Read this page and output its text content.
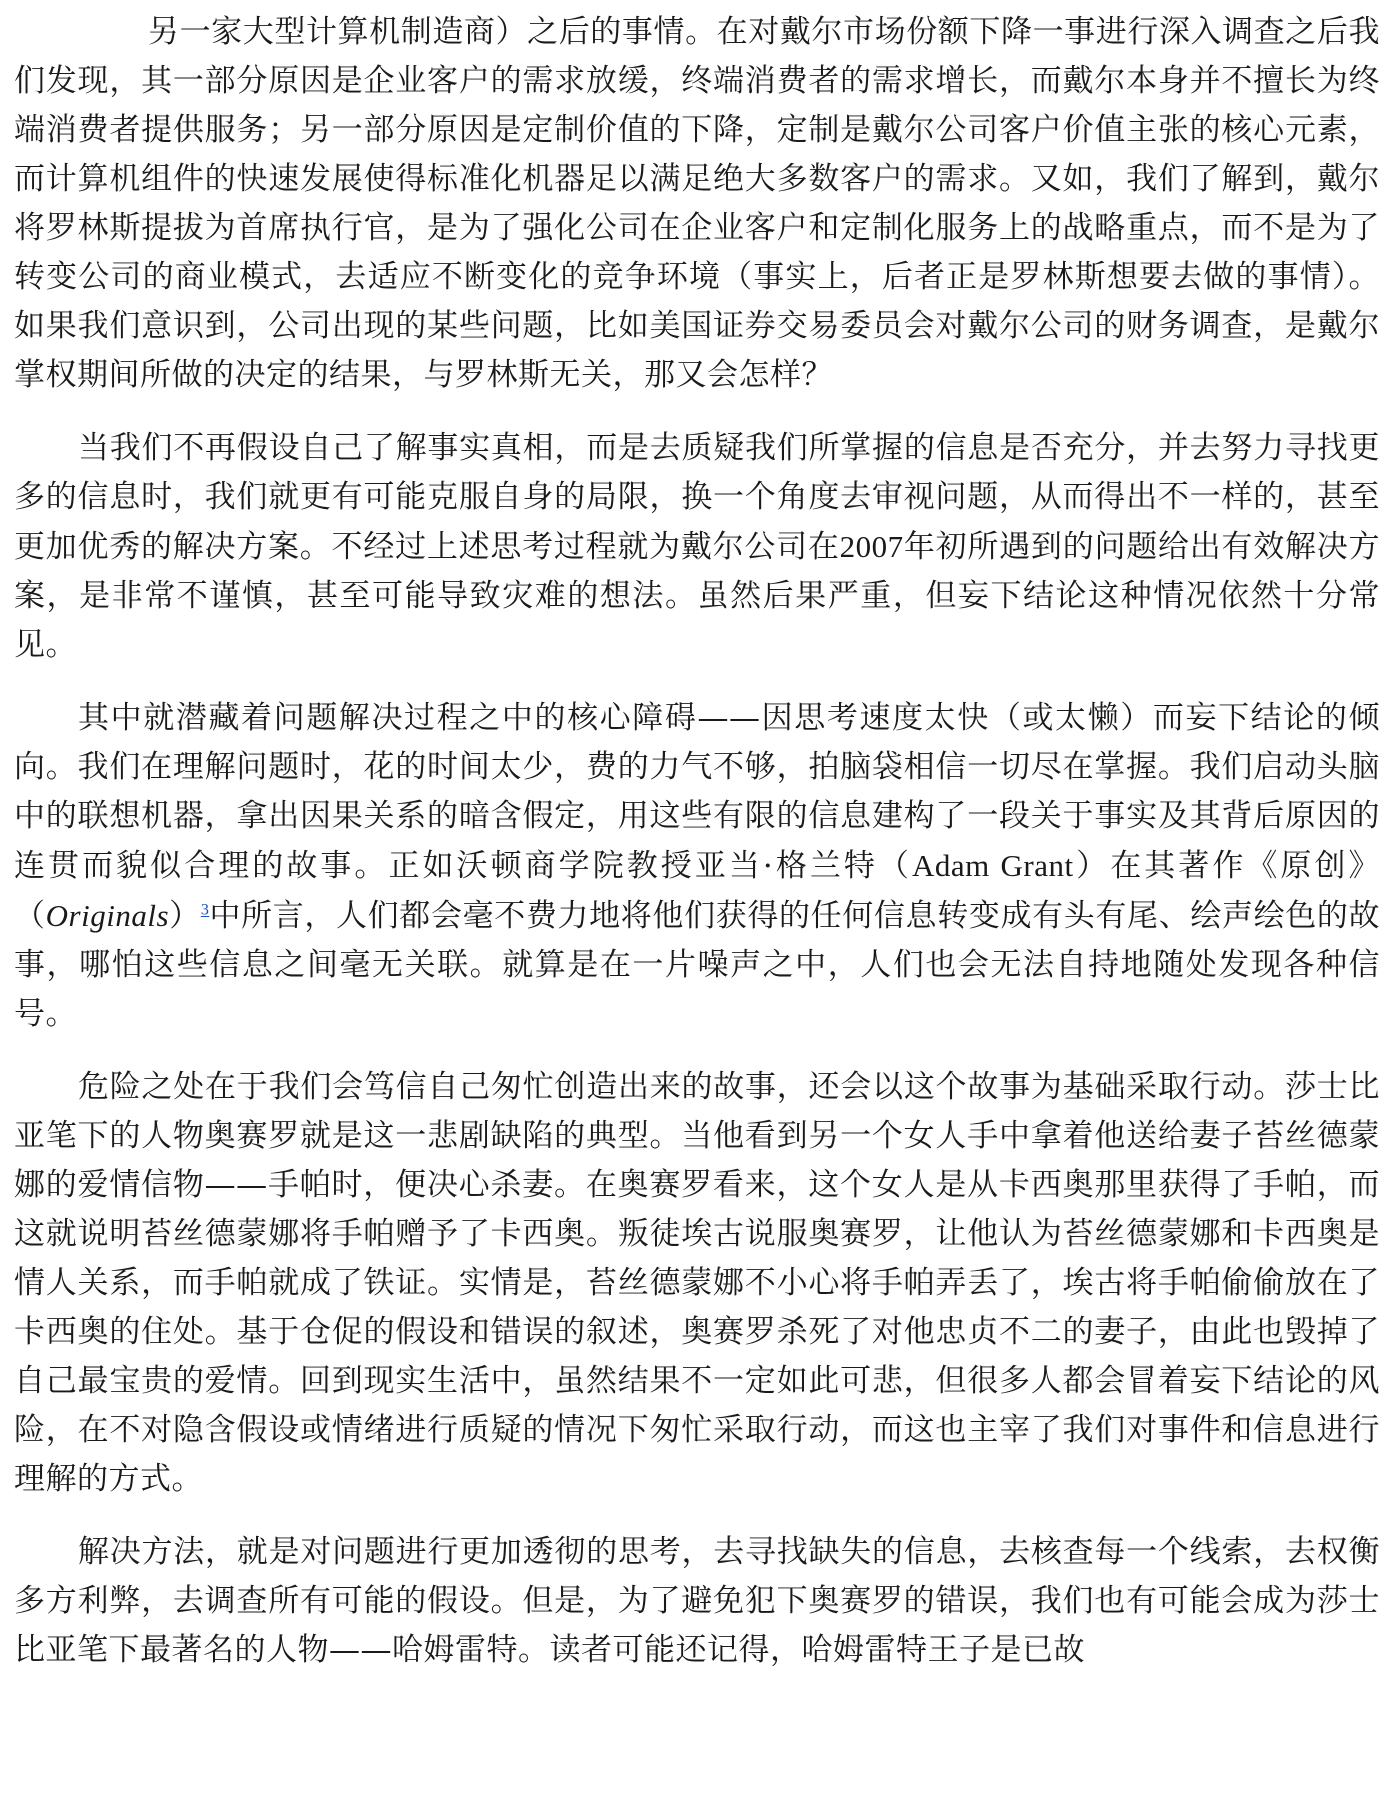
另一家大型计算机制造商）之后的事情。在对戴尔市场份额下降一事进行深入调查之后我们发现，其一部分原因是企业客户的需求放缓，终端消费者的需求增长，而戴尔本身并不擅长为终端消费者提供服务；另一部分原因是定制价值的下降，定制是戴尔公司客户价值主张的核心元素，而计算机组件的快速发展使得标准化机器足以满足绝大多数客户的需求。又如，我们了解到，戴尔将罗林斯提拔为首席执行官，是为了强化公司在企业客户和定制化服务上的战略重点，而不是为了转变公司的商业模式，去适应不断变化的竞争环境（事实上，后者正是罗林斯想要去做的事情）。如果我们意识到，公司出现的某些问题，比如美国证券交易委员会对戴尔公司的财务调查，是戴尔掌权期间所做的决定的结果，与罗林斯无关，那又会怎样？

当我们不再假设自己了解事实真相，而是去质疑我们所掌握的信息是否充分，并去努力寻找更多的信息时，我们就更有可能克服自身的局限，换一个角度去审视问题，从而得出不一样的，甚至更加优秀的解决方案。不经过上述思考过程就为戴尔公司在2007年初所遇到的问题给出有效解决方案，是非常不谨慎，甚至可能导致灾难的想法。虽然后果严重，但妄下结论这种情况依然十分常见。

其中就潜藏着问题解决过程之中的核心障碍——因思考速度太快（或太懒）而妄下结论的倾向。我们在理解问题时，花的时间太少，费的力气不够，拍脑袋相信一切尽在掌握。我们启动头脑中的联想机器，拿出因果关系的暗含假定，用这些有限的信息建构了一段关于事实及其背后原因的连贯而貌似合理的故事。正如沃顿商学院教授亚当·格兰特（Adam Grant）在其著作《原创》（Originals）$^3$中所言，人们都会毫不费力地将他们获得的任何信息转变成有头有尾、绘声绘色的故事，哪怕这些信息之间毫无关联。就算是在一片噪声之中，人们也会无法自持地随处发现各种信号。

危险之处在于我们会笃信自己匆忙创造出来的故事，还会以这个故事为基础采取行动。莎士比亚笔下的人物奥赛罗就是这一悲剧缺陷的典型。当他看到另一个女人手中拿着他送给妻子苔丝德蒙娜的爱情信物——手帕时，便决心杀妻。在奥赛罗看来，这个女人是从卡西奥那里获得了手帕，而这就说明苔丝德蒙娜将手帕赠予了卡西奥。叛徒埃古说服奥赛罗，让他认为苔丝德蒙娜和卡西奥是情人关系，而手帕就成了铁证。实情是，苔丝德蒙娜不小心将手帕弄丢了，埃古将手帕偷偷放在了卡西奥的住处。基于仓促的假设和错误的叙述，奥赛罗杀死了对他忠贞不二的妻子，由此也毁掉了自己最宝贵的爱情。回到现实生活中，虽然结果不一定如此可悲，但很多人都会冒着妄下结论的风险，在不对隐含假设或情绪进行质疑的情况下匆忙采取行动，而这也主宰了我们对事件和信息进行理解的方式。

解决方法，就是对问题进行更加透彻的思考，去寻找缺失的信息，去核查每一个线索，去权衡多方利弊，去调查所有可能的假设。但是，为了避免犯下奥赛罗的错误，我们也有可能会成为莎士比亚笔下最著名的人物——哈姆雷特。读者可能还记得，哈姆雷特王子是已故
